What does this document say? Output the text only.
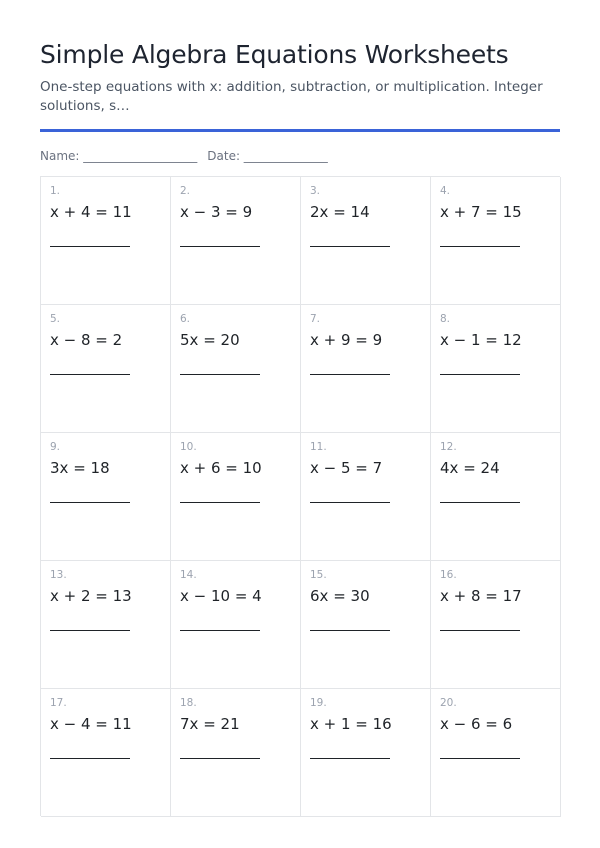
Simple Algebra Equations Worksheets
One-step equations with x: addition, subtraction, or multiplication. Integer solutions, s…
Name: ___________________ Date: ______________
1.
x + 4 = 11
2.
x − 3 = 9
3.
2x = 14
4.
x + 7 = 15
5.
x − 8 = 2
6.
5x = 20
7.
x + 9 = 9
8.
x − 1 = 12
9.
3x = 18
10.
x + 6 = 10
11.
x − 5 = 7
12.
4x = 24
13.
x + 2 = 13
14.
x − 10 = 4
15.
6x = 30
16.
x + 8 = 17
17.
x − 4 = 11
18.
7x = 21
19.
x + 1 = 16
20.
x − 6 = 6
